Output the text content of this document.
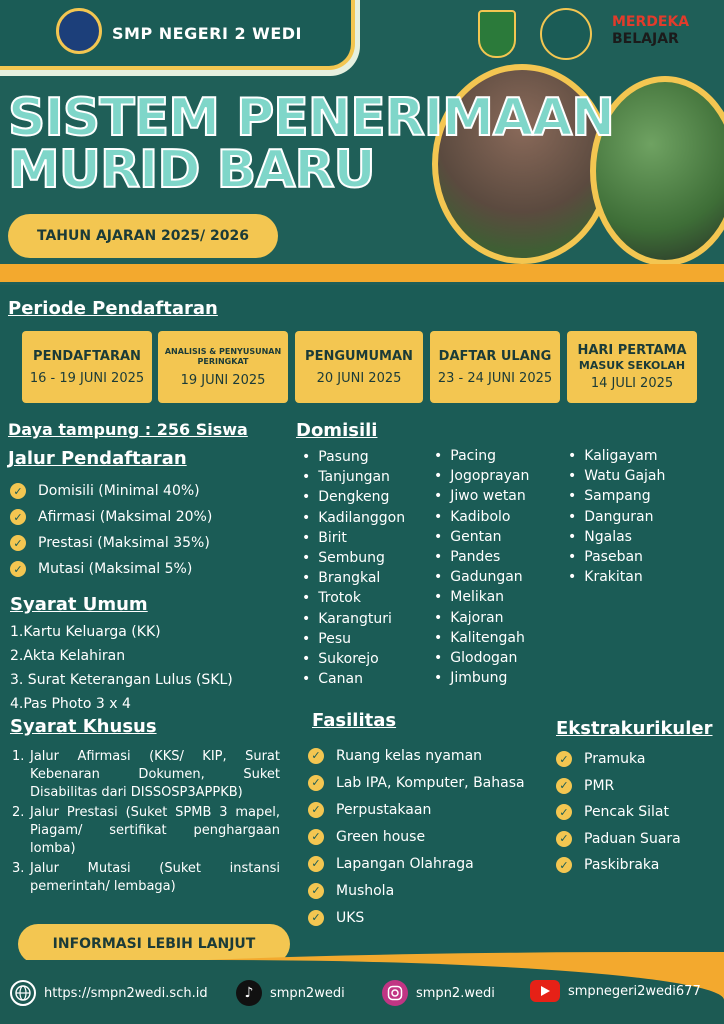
SMP NEGERI 2 WEDI
MERDEKA
BELAJAR
SISTEM PENERIMAAN
MURID BARU
TAHUN AJARAN 2025/ 2026
Periode Pendaftaran
PENDAFTARAN
16 - 19 JUNI 2025
ANALISIS & PENYUSUNAN PERINGKAT
19 JUNI 2025
PENGUMUMAN
20 JUNI 2025
DAFTAR ULANG
23 - 24 JUNI 2025
HARI PERTAMA
MASUK SEKOLAH
14 JULI 2025
Daya tampung : 256 Siswa
Jalur Pendaftaran
✓ Domisili (Minimal 40%)
✓ Afirmasi (Maksimal 20%)
✓ Prestasi (Maksimal 35%)
✓ Mutasi (Maksimal 5%)
Syarat Umum
1.Kartu Keluarga (KK)
2.Akta Kelahiran
3. Surat Keterangan Lulus (SKL)
4.Pas Photo 3 x 4
Syarat Khusus
1. Jalur Afirmasi (KKS/ KIP, Surat Kebenaran Dokumen, Suket Disabilitas dari DISSOSP3APPKB)
2. Jalur Prestasi (Suket SPMB 3 mapel, Piagam/ sertifikat penghargaan lomba)
3. Jalur Mutasi (Suket instansi pemerintah/ lembaga)
INFORMASI LEBIH LANJUT
Domisili
• Pasung
• Tanjungan
• Dengkeng
• Kadilanggon
• Birit
• Sembung
• Brangkal
• Trotok
• Karangturi
• Pesu
• Sukorejo
• Canan
• Pacing
• Jogoprayan
• Jiwo wetan
• Kadibolo
• Gentan
• Pandes
• Gadungan
• Melikan
• Kajoran
• Kalitengah
• Glodogan
• Jimbung
• Kaligayam
• Watu Gajah
• Sampang
• Danguran
• Ngalas
• Paseban
• Krakitan
Fasilitas
✓ Ruang kelas nyaman
✓ Lab IPA, Komputer, Bahasa
✓ Perpustakaan
✓ Green house
✓ Lapangan Olahraga
✓ Mushola
✓ UKS
Ekstrakurikuler
✓ Pramuka
✓ PMR
✓ Pencak Silat
✓ Paduan Suara
✓ Paskibraka
https://smpn2wedi.sch.id	♪	smpn2wedi	smpn2.wedi	smpnegeri2wedi677
